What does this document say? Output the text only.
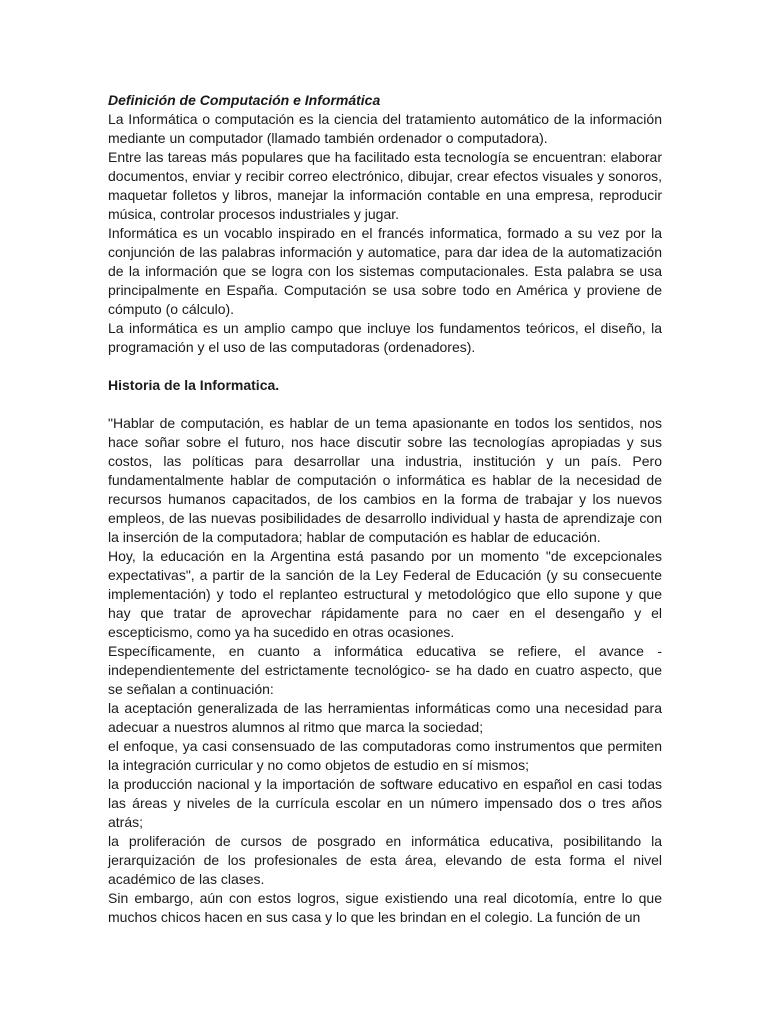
Definición de Computación e Informática

La Informática o computación es la ciencia del tratamiento automático de la información mediante un computador (llamado también ordenador o computadora).

Entre las tareas más populares que ha facilitado esta tecnología se encuentran: elaborar documentos, enviar y recibir correo electrónico, dibujar, crear efectos visuales y sonoros, maquetar folletos y libros, manejar la información contable en una empresa, reproducir música, controlar procesos industriales y jugar.

Informática es un vocablo inspirado en el francés informatica, formado a su vez por la conjunción de las palabras información y automatice, para dar idea de la automatización de la información que se logra con los sistemas computacionales. Esta palabra se usa principalmente en España. Computación se usa sobre todo en América y proviene de cómputo (o cálculo).

La informática es un amplio campo que incluye los fundamentos teóricos, el diseño, la programación y el uso de las computadoras (ordenadores).

Historia de la Informatica.

"Hablar de computación, es hablar de un tema apasionante en todos los sentidos, nos hace soñar sobre el futuro, nos hace discutir sobre las tecnologías apropiadas y sus costos, las políticas para desarrollar una industria, institución y un país. Pero fundamentalmente hablar de computación o informática es hablar de la necesidad de recursos humanos capacitados, de los cambios en la forma de trabajar y los nuevos empleos, de las nuevas posibilidades de desarrollo individual y hasta de aprendizaje con la inserción de la computadora; hablar de computación es hablar de educación.

Hoy, la educación en la Argentina está pasando por un momento "de excepcionales expectativas", a partir de la sanción de la Ley Federal de Educación (y su consecuente implementación) y todo el replanteo estructural y metodológico que ello supone y que hay que tratar de aprovechar rápidamente para no caer en el desengaño y el escepticismo, como ya ha sucedido en otras ocasiones.

Específicamente, en cuanto a informática educativa se refiere, el avance -independientemente del estrictamente tecnológico- se ha dado en cuatro aspecto, que se señalan a continuación:

la aceptación generalizada de las herramientas informáticas como una necesidad para adecuar a nuestros alumnos al ritmo que marca la sociedad;

el enfoque, ya casi consensuado de las computadoras como instrumentos que permiten la integración curricular y no como objetos de estudio en sí mismos;

la producción nacional y la importación de software educativo en español en casi todas las áreas y niveles de la currícula escolar en un número impensado dos o tres años atrás;

la proliferación de cursos de posgrado en informática educativa, posibilitando la jerarquización de los profesionales de esta área, elevando de esta forma el nivel académico de las clases.

Sin embargo, aún con estos logros, sigue existiendo una real dicotomía, entre lo que muchos chicos hacen en sus casa y lo que les brindan en el colegio. La función de un
